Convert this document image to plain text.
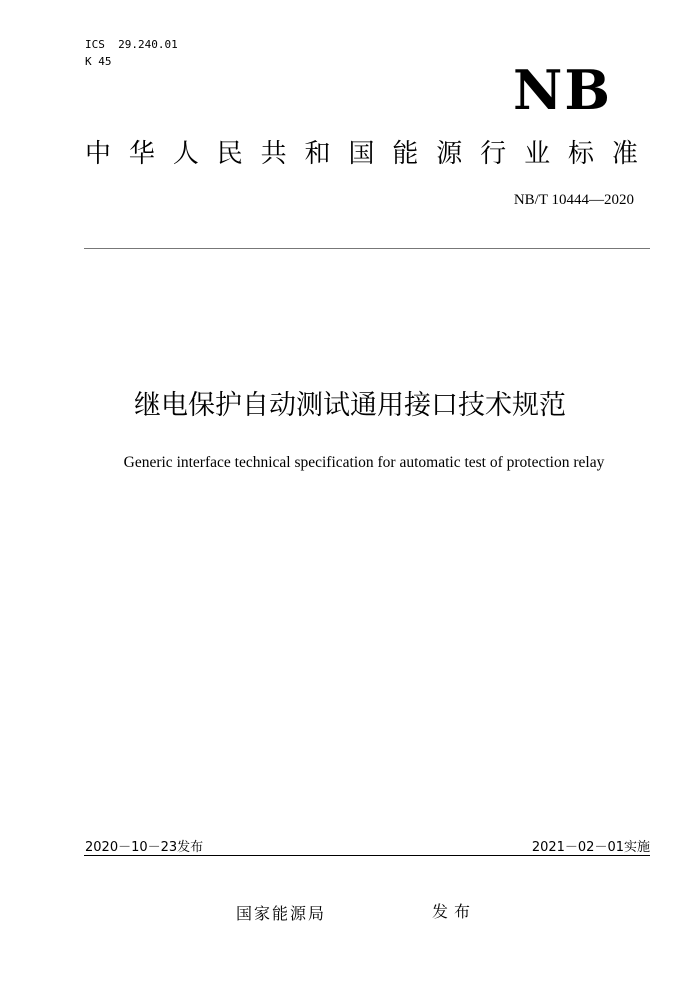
ICS  29.240.01
K 45	NB
中 华 人 民 共 和 国 能 源 行 业 标 准
NB/T 10444—2020
继电保护自动测试通用接口技术规范
Generic interface technical specification for automatic test of protection relay
2020－10－23发布	2021－02－01实施
国家能源局	发布
